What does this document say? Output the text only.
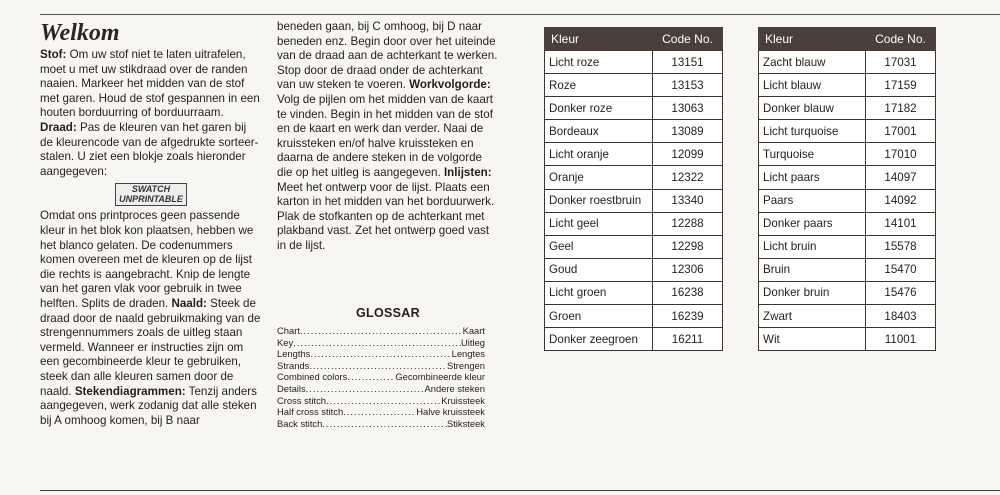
Welkom

Stof: Om uw stof niet te laten uitrafelen, moet u met uw stikdraad over de randen naaien. Markeer het midden van de stof met garen. Houd de stof gespannen in een houten borduurring of borduurraam. Draad: Pas de kleuren van het garen bij de kleurencode van de afgedrukte sorteer-stalen. U ziet een blokje zoals hieronder aangegeven:

SWATCH
UNPRINTABLE

Omdat ons printproces geen passende kleur in het blok kon plaatsen, hebben we het blanco gelaten. De codenummers komen overeen met de kleuren op de lijst die rechts is aangebracht. Knip de lengte van het garen vlak voor gebruik in twee helften. Splits de draden. Naald: Steek de draad door de naald gebruikmaking van de strengennummers zoals de uitleg staan vermeld. Wanneer er instructies zijn om een gecombineerde kleur te gebruiken, steek dan alle kleuren samen door de naald. Stekendiagrammen: Tenzij anders aangegeven, werk zodanig dat alle steken bij A omhoog komen, bij B naar

beneden gaan, bij C omhoog, bij D naar beneden enz. Begin door over het uiteinde van de draad aan de achterkant te werken. Stop door de draad onder de achterkant van uw steken te voeren. Workvolgorde: Volg de pijlen om het midden van de kaart te vinden. Begin in het midden van de stof en de kaart en werk dan verder. Naai de kruissteken en/of halve kruissteken en daarna de andere steken in de volgorde die op het uitleg is aangegeven. Inlijsten: Meet het ontwerp voor de lijst. Plaats een karton in het midden van het borduurwerk. Plak de stofkanten op de achterkant met plakband vast. Zet het ontwerp goed vast in de lijst.

GLOSSAR
Chart .....	Kaart
Key .....	Uitleg
Lengths .....	Lengtes
Strands .....	Strengen
Combined colors .....	Gecombineerde kleur
Details .....	Andere steken
Cross stitch .....	Kruissteek
Half cross stitch .....	Halve kruissteek
Back stitch .....	Stiksteek
Kleur	Code No.
Licht roze	13151
Roze	13153
Donker roze	13063
Bordeaux	13089
Licht oranje	12099
Oranje	12322
Donker roestbruin	13340
Licht geel	12288
Geel	12298
Goud	12306
Licht groen	16238
Groen	16239
Donker zeegroen	16211
Kleur	Code No.
Zacht blauw	17031
Licht blauw	17159
Donker blauw	17182
Licht turquoise	17001
Turquoise	17010
Licht paars	14097
Paars	14092
Donker paars	14101
Licht bruin	15578
Bruin	15470
Donker bruin	15476
Zwart	18403
Wit	11001
